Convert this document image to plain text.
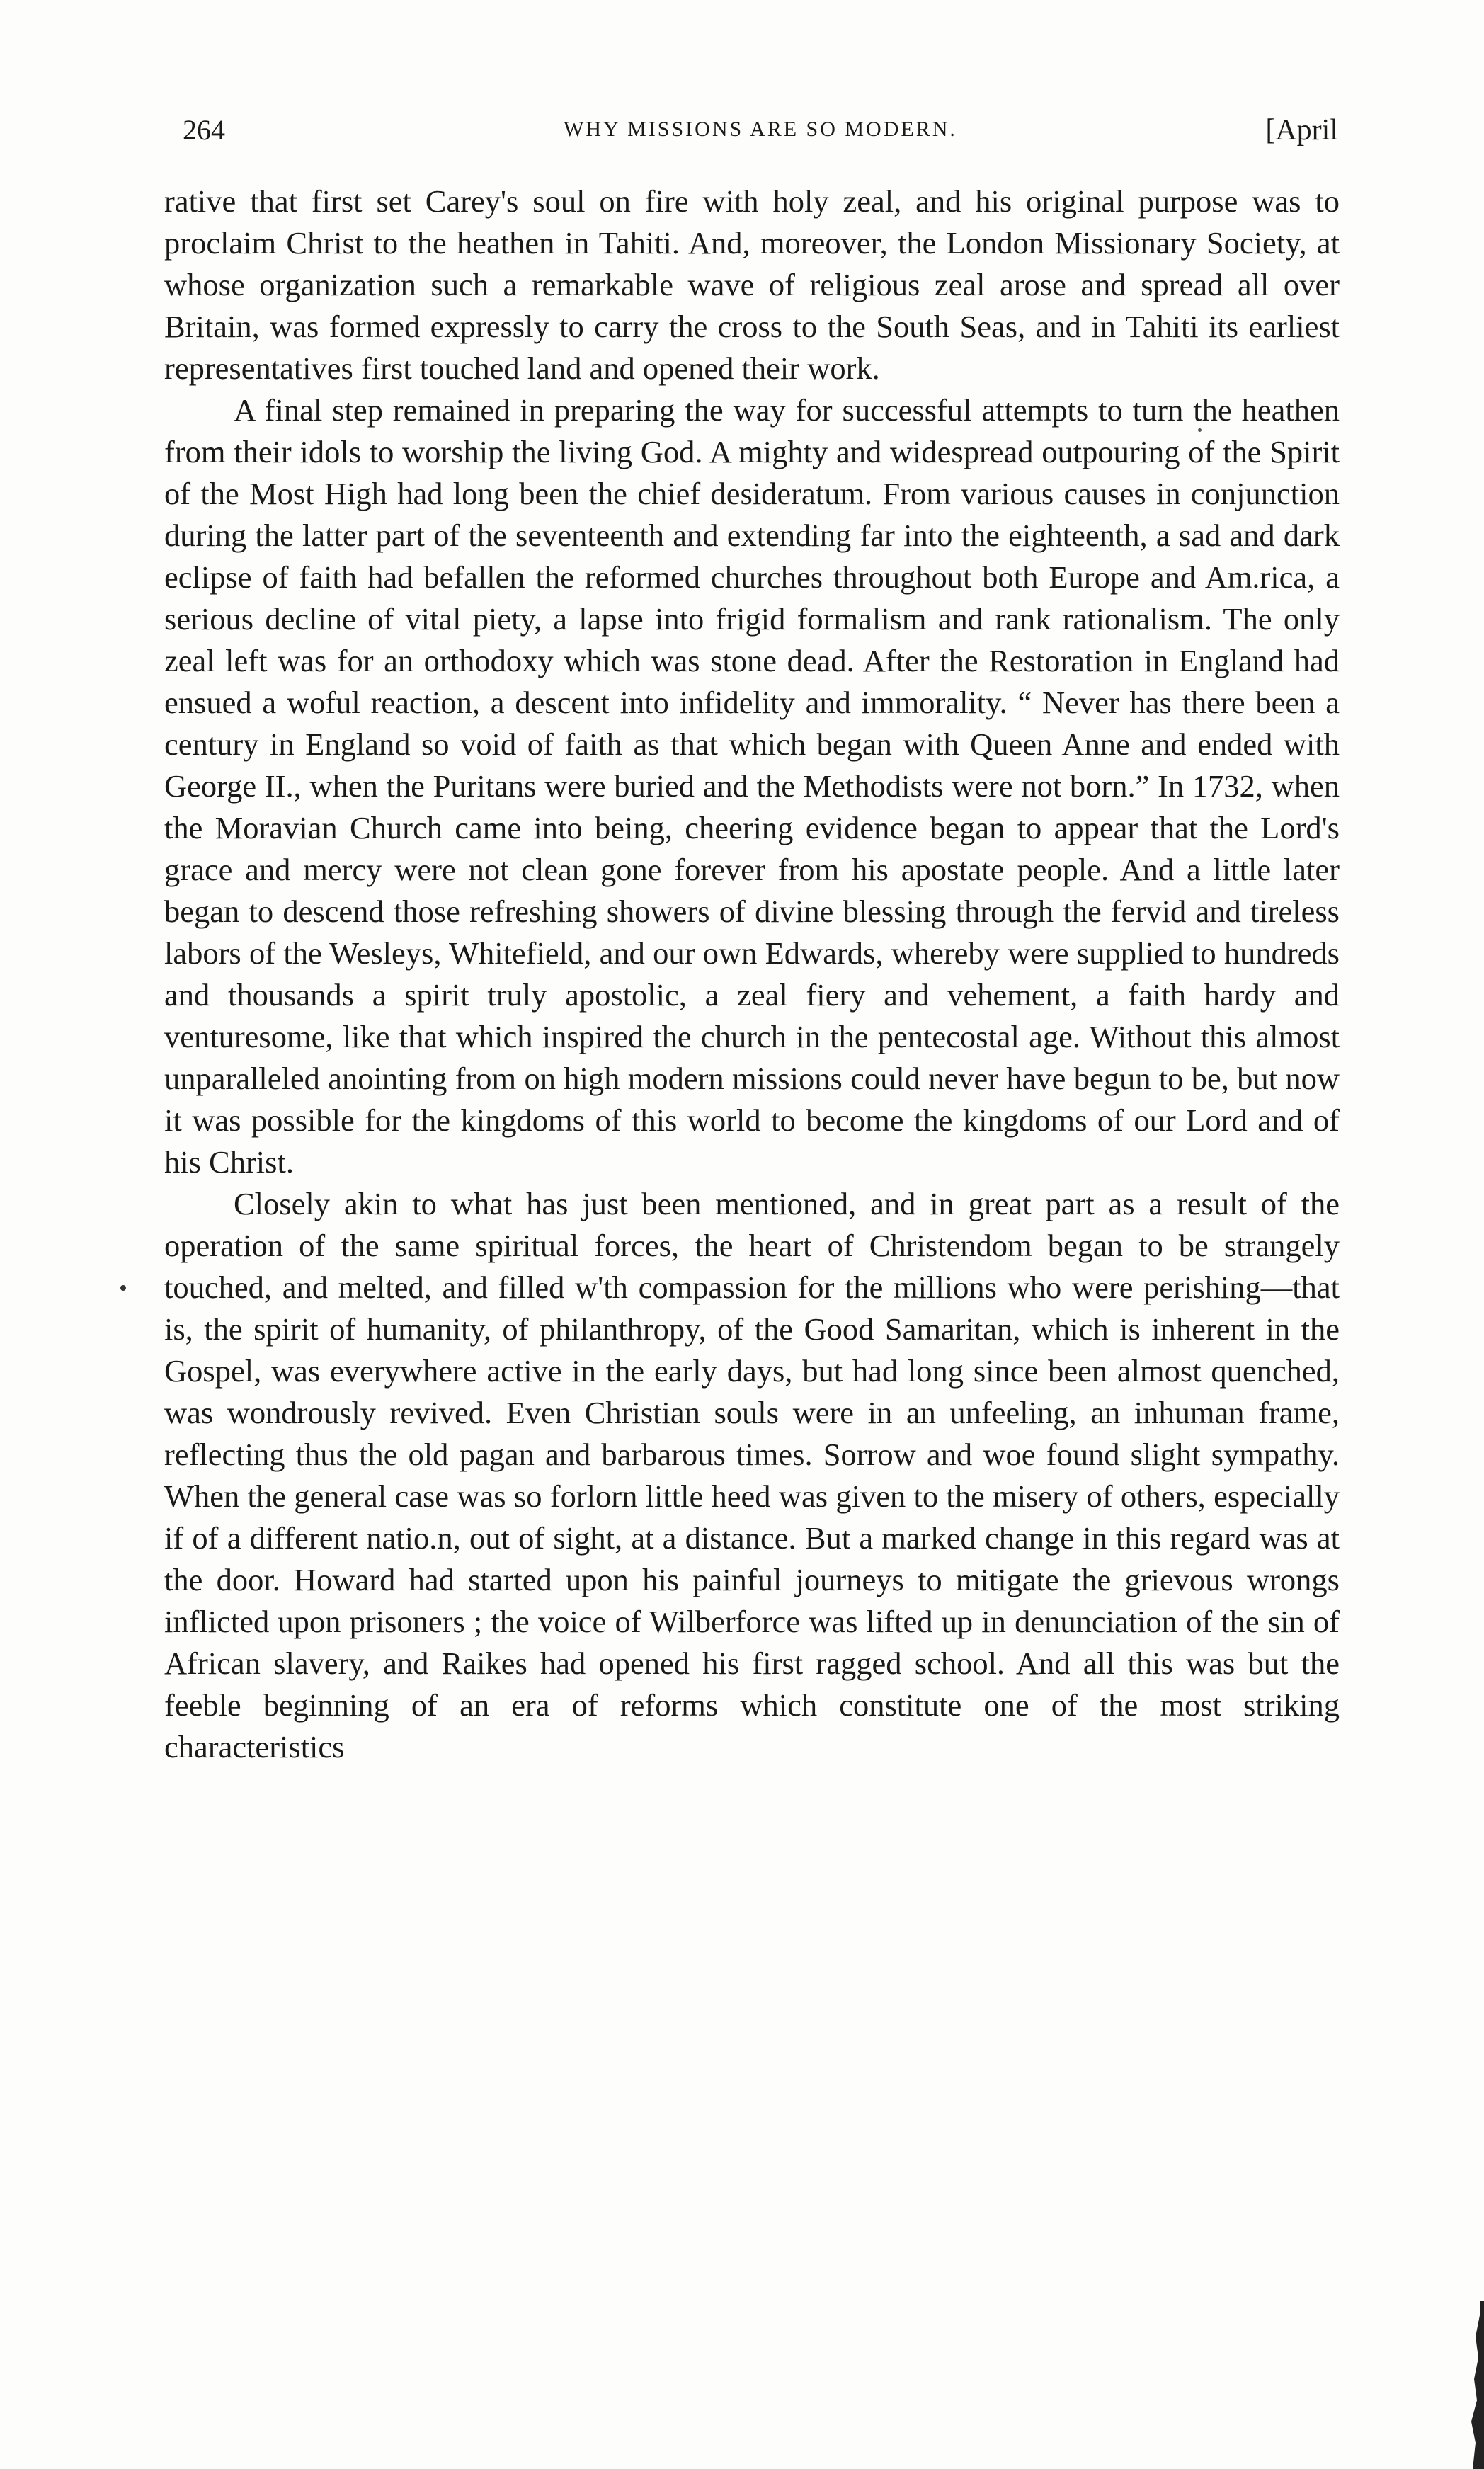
264	WHY MISSIONS ARE SO MODERN.	[April

rative that first set Carey's soul on fire with holy zeal, and his original purpose was to proclaim Christ to the heathen in Tahiti. And, moreover, the London Missionary Society, at whose organization such a remarkable wave of religious zeal arose and spread all over Britain, was formed expressly to carry the cross to the South Seas, and in Tahiti its earliest representatives first touched land and opened their work.

A final step remained in preparing the way for successful attempts to turn the heathen from their idols to worship the living God. A mighty and widespread outpouring of the Spirit of the Most High had long been the chief desideratum. From various causes in conjunction during the latter part of the seventeenth and extending far into the eighteenth, a sad and dark eclipse of faith had befallen the reformed churches throughout both Europe and Am.rica, a serious decline of vital piety, a lapse into frigid formalism and rank rationalism. The only zeal left was for an orthodoxy which was stone dead. After the Restoration in England had ensued a woful reaction, a descent into infidelity and immorality. “ Never has there been a century in England so void of faith as that which began with Queen Anne and ended with George II., when the Puritans were buried and the Methodists were not born.” In 1732, when the Moravian Church came into being, cheering evidence began to appear that the Lord's grace and mercy were not clean gone forever from his apostate people. And a little later began to descend those refreshing showers of divine blessing through the fervid and tireless labors of the Wesleys, Whitefield, and our own Edwards, whereby were supplied to hundreds and thousands a spirit truly apostolic, a zeal fiery and vehement, a faith hardy and venturesome, like that which inspired the church in the pentecostal age. Without this almost unparalleled anointing from on high modern missions could never have begun to be, but now it was possible for the kingdoms of this world to become the kingdoms of our Lord and of his Christ.

Closely akin to what has just been mentioned, and in great part as a result of the operation of the same spiritual forces, the heart of Christendom began to be strangely touched, and melted, and filled w'th compassion for the millions who were perishing—that is, the spirit of humanity, of philanthropy, of the Good Samaritan, which is inherent in the Gospel, was everywhere active in the early days, but had long since been almost quenched, was wondrously revived. Even Christian souls were in an unfeeling, an inhuman frame, reflecting thus the old pagan and barbarous times. Sorrow and woe found slight sympathy. When the general case was so forlorn little heed was given to the misery of others, especially if of a different natio.n, out of sight, at a distance. But a marked change in this regard was at the door. Howard had started upon his painful journeys to mitigate the grievous wrongs inflicted upon prisoners ; the voice of Wilberforce was lifted up in denunciation of the sin of African slavery, and Raikes had opened his first ragged school. And all this was but the feeble beginning of an era of reforms which constitute one of the most striking characteristics
